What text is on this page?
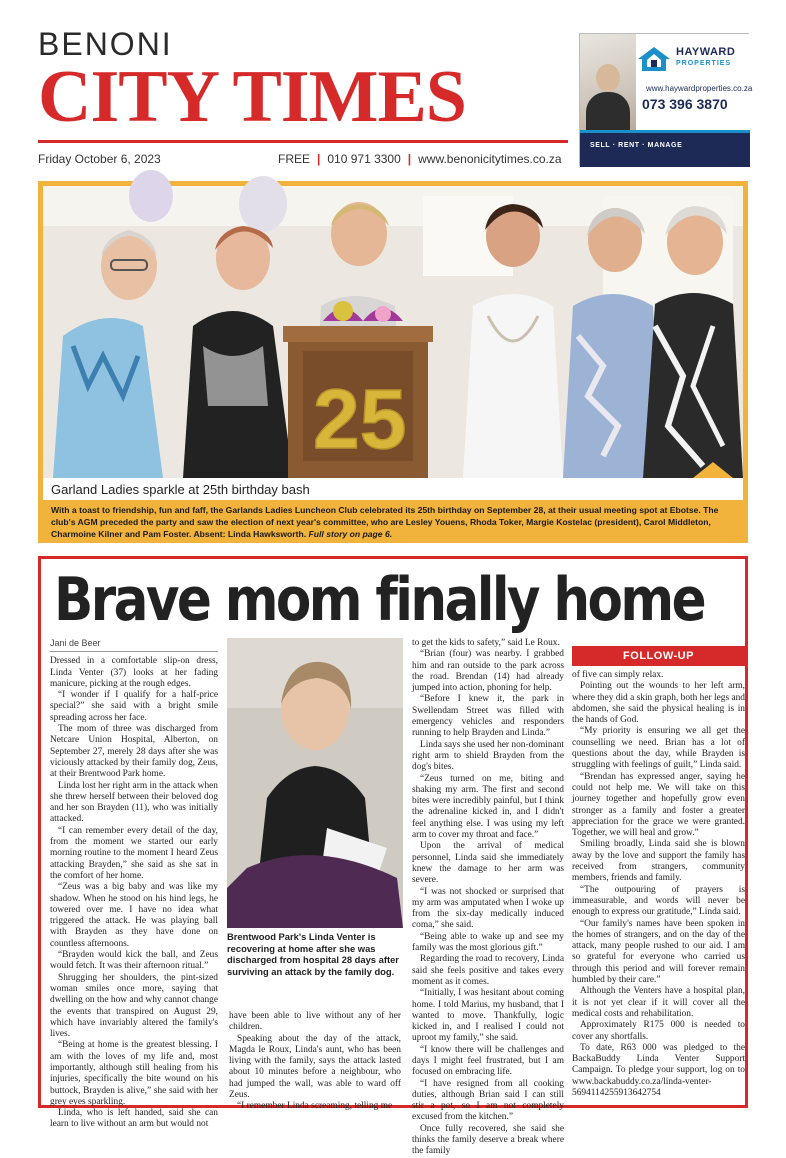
BENONI
CITY TIMES
Friday October 6, 2023	FREE | 010 971 3300 | www.benonicitytimes.co.za
HAYWARD
PROPERTIES
www.haywardproperties.co.za
073 396 3870
SELL · RENT · MANAGE
25
Garland Ladies sparkle at 25th birthday bash
With a toast to friendship, fun and faff, the Garlands Ladies Luncheon Club celebrated its 25th birthday on September 28, at their usual meeting spot at Ebotse. The club's AGM preceded the party and saw the election of next year's committee, who are Lesley Youens, Rhoda Toker, Margie Kostelac (president), Carol Middleton, Charmoine Kilner and Pam Foster. Absent: Linda Hawksworth. Full story on page 6.
Brave mom finally home
Jani de Beer

Dressed in a comfortable slip-on dress, Linda Venter (37) looks at her fading manicure, picking at the rough edges.

“I wonder if I qualify for a half-price special?” she said with a bright smile spreading across her face.

The mom of three was discharged from Netcare Union Hospital, Alberton, on September 27, merely 28 days after she was viciously attacked by their family dog, Zeus, at their Brentwood Park home.

Linda lost her right arm in the attack when she threw herself between their beloved dog and her son Brayden (11), who was initially attacked.

“I can remember every detail of the day, from the moment we started our early morning routine to the moment I heard Zeus attacking Brayden,” she said as she sat in the comfort of her home.

“Zeus was a big baby and was like my shadow. When he stood on his hind legs, he towered over me. I have no idea what triggered the attack. He was playing ball with Brayden as they have done on countless afternoons.

“Brayden would kick the ball, and Zeus would fetch. It was their afternoon ritual.”

Shrugging her shoulders, the pint-sized woman smiles once more, saying that dwelling on the how and why cannot change the events that transpired on August 29, which have invariably altered the family's lives.

“Being at home is the greatest blessing. I am with the loves of my life and, most importantly, although still healing from his injuries, specifically the bite wound on his buttock, Brayden is alive,” she said with her grey eyes sparkling.

Linda, who is left handed, said she can learn to live without an arm but would not

Brentwood Park's Linda Venter is recovering at home after she was discharged from hospital 28 days after surviving an attack by the family dog.

have been able to live without any of her children.

Speaking about the day of the attack, Magda le Roux, Linda's aunt, who has been living with the family, says the attack lasted about 10 minutes before a neighbour, who had jumped the wall, was able to ward off Zeus.

“I remember Linda screaming, telling me

to get the kids to safety,” said Le Roux.

“Brian (four) was nearby. I grabbed him and ran outside to the park across the road. Brendan (14) had already jumped into action, phoning for help.

“Before I knew it, the park in Swellendam Street was filled with emergency vehicles and responders running to help Brayden and Linda.”

Linda says she used her non-dominant right arm to shield Brayden from the dog's bites.

“Zeus turned on me, biting and shaking my arm. The first and second bites were incredibly painful, but I think the adrenaline kicked in, and I didn't feel anything else. I was using my left arm to cover my throat and face.”

Upon the arrival of medical personnel, Linda said she immediately knew the damage to her arm was severe.

“I was not shocked or surprised that my arm was amputated when I woke up from the six-day medically induced coma,” she said.

“Being able to wake up and see my family was the most glorious gift.”

Regarding the road to recovery, Linda said she feels positive and takes every moment as it comes.

“Initially, I was hesitant about coming home. I told Marius, my husband, that I wanted to move. Thankfully, logic kicked in, and I realised I could not uproot my family,” she said.

“I know there will be challenges and days I might feel frustrated, but I am focused on embracing life.

“I have resigned from all cooking duties, although Brian said I can still stir a pot, so I am not completely excused from the kitchen.”

Once fully recovered, she said she thinks the family deserve a break where the family

FOLLOW-UP

of five can simply relax.

Pointing out the wounds to her left arm, where they did a skin graph, both her legs and abdomen, she said the physical healing is in the hands of God.

“My priority is ensuring we all get the counselling we need. Brian has a lot of questions about the day, while Brayden is struggling with feelings of guilt,” Linda said.

“Brendan has expressed anger, saying he could not help me. We will take on this journey together and hopefully grow even stronger as a family and foster a greater appreciation for the grace we were granted. Together, we will heal and grow.”

Smiling broadly, Linda said she is blown away by the love and support the family has received from strangers, community members, friends and family.

“The outpouring of prayers is immeasurable, and words will never be enough to express our gratitude,” Linda said.

“Our family's names have been spoken in the homes of strangers, and on the day of the attack, many people rushed to our aid. I am so grateful for everyone who carried us through this period and will forever remain humbled by their care.”

Although the Venters have a hospital plan, it is not yet clear if it will cover all the medical costs and rehabilitation.

Approximately R175 000 is needed to cover any shortfalls.

To date, R63 000 was pledged to the BackaBuddy Linda Venter Support Campaign. To pledge your support, log on to www.backabuddy.co.za/linda-venter-5694114255913642754
